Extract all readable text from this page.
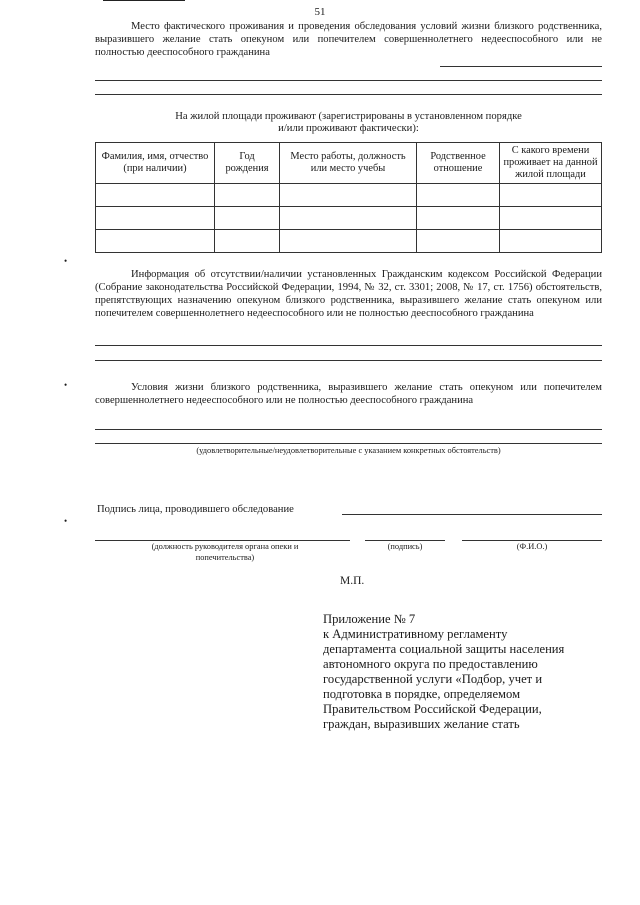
51
Место фактического проживания и проведения обследования условий жизни близкого родственника, выразившего желание стать опекуном или попечителем совершеннолетнего недееспособного или не полностью дееспособного гражданина
На жилой площади проживают (зарегистрированы в установленном порядке
и/или проживают фактически):
Фамилия, имя, отчество (при наличии)	Год рождения	Место работы, должность или место учебы	Родственное отношение	С какого времени проживает на данной жилой площади

•
Информация об отсутствии/наличии установленных Гражданским кодексом Российской Федерации (Собрание законодательства Российской Федерации, 1994, № 32, ст. 3301; 2008, № 17, ст. 1756) обстоятельств, препятствующих назначению опекуном близкого родственника, выразившего желание стать опекуном или попечителем совершеннолетнего недееспособного или не полностью дееспособного гражданина
•	Условия жизни близкого родственника, выразившего желание стать опекуном или попечителем совершеннолетнего недееспособного или не полностью дееспособного гражданина
(удовлетворительные/неудовлетворительные с указанием конкретных обстоятельств)
Подпись лица, проводившего обследование
•
(должность руководителя органа опеки и
попечительства)
(подпись)	(Ф.И.О.)
М.П.
Приложение № 7
к Административному регламенту
департамента социальной защиты населения
автономного округа по предоставлению
государственной услуги «Подбор, учет и
подготовка в порядке, определяемом
Правительством Российской Федерации,
граждан, выразивших желание стать
